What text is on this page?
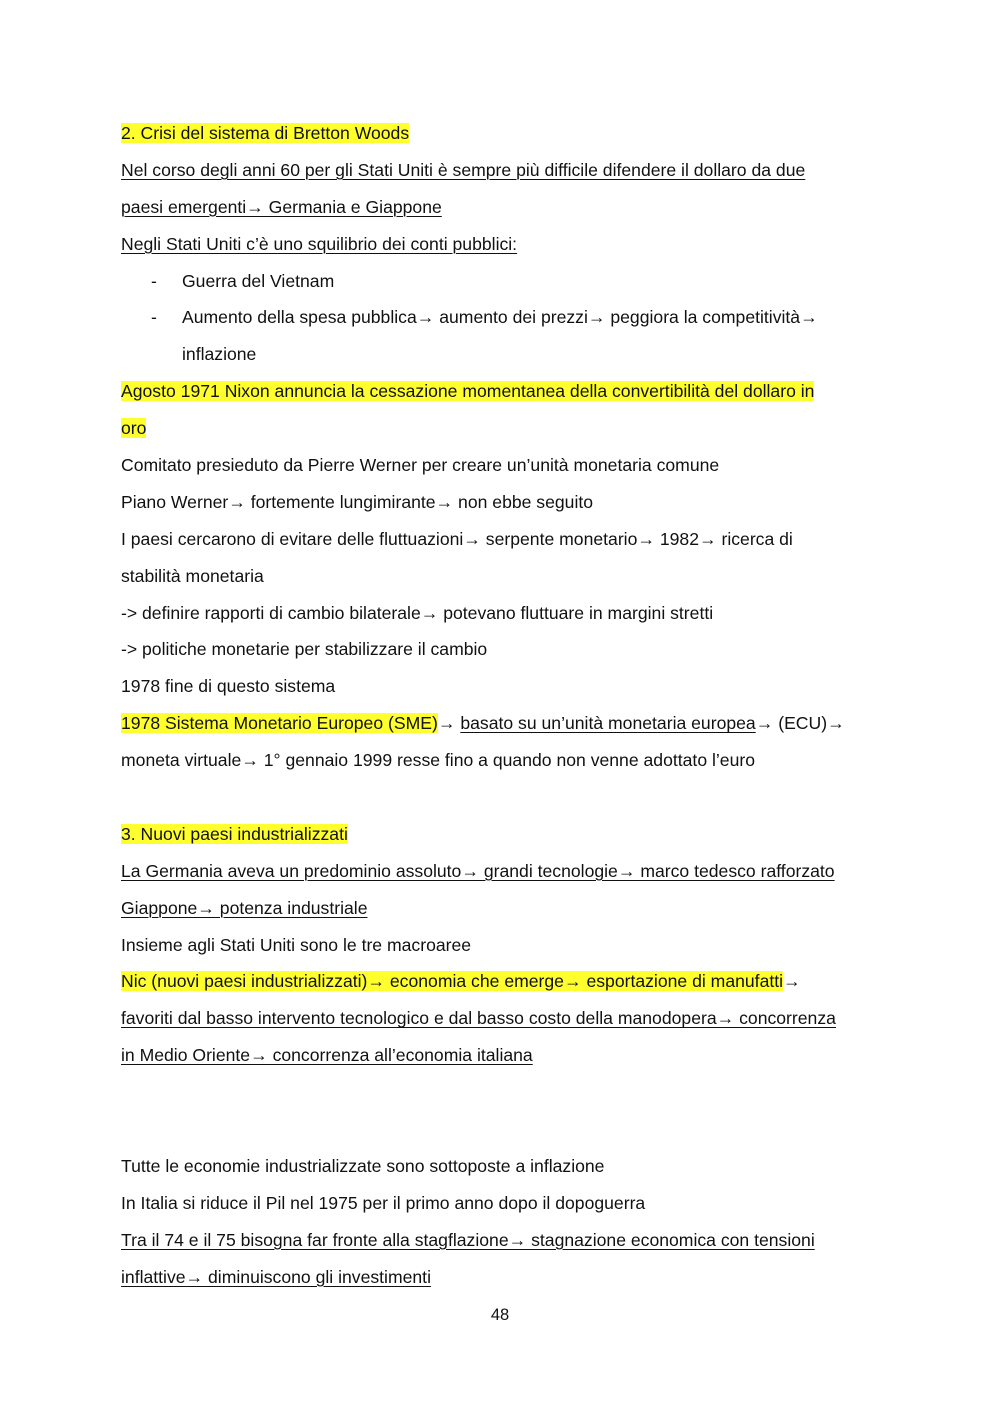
2. Crisi del sistema di Bretton Woods
Nel corso degli anni 60 per gli Stati Uniti è sempre più difficile difendere il dollaro da due
paesi emergenti→ Germania e Giappone
Negli Stati Uniti c’è uno squilibrio dei conti pubblici:
- Guerra del Vietnam
- Aumento della spesa pubblica→ aumento dei prezzi→ peggiora la competitività→
inflazione
Agosto 1971 Nixon annuncia la cessazione momentanea della convertibilità del dollaro in
oro
Comitato presieduto da Pierre Werner per creare un’unità monetaria comune
Piano Werner→ fortemente lungimirante→ non ebbe seguito
I paesi cercarono di evitare delle fluttuazioni→ serpente monetario→ 1982→ ricerca di
stabilità monetaria
-> definire rapporti di cambio bilaterale→ potevano fluttuare in margini stretti
-> politiche monetarie per stabilizzare il cambio
1978 fine di questo sistema
1978 Sistema Monetario Europeo (SME)→ basato su un’unità monetaria europea→ (ECU)→
moneta virtuale→ 1° gennaio 1999 resse fino a quando non venne adottato l’euro
3. Nuovi paesi industrializzati
La Germania aveva un predominio assoluto→ grandi tecnologie→ marco tedesco rafforzato
Giappone→ potenza industriale
Insieme agli Stati Uniti sono le tre macroaree
Nic (nuovi paesi industrializzati)→ economia che emerge→ esportazione di manufatti→
favoriti dal basso intervento tecnologico e dal basso costo della manodopera→ concorrenza
in Medio Oriente→ concorrenza all’economia italiana
Tutte le economie industrializzate sono sottoposte a inflazione
In Italia si riduce il Pil nel 1975 per il primo anno dopo il dopoguerra
Tra il 74 e il 75 bisogna far fronte alla stagflazione→ stagnazione economica con tensioni
inflattive→ diminuiscono gli investimenti
48
